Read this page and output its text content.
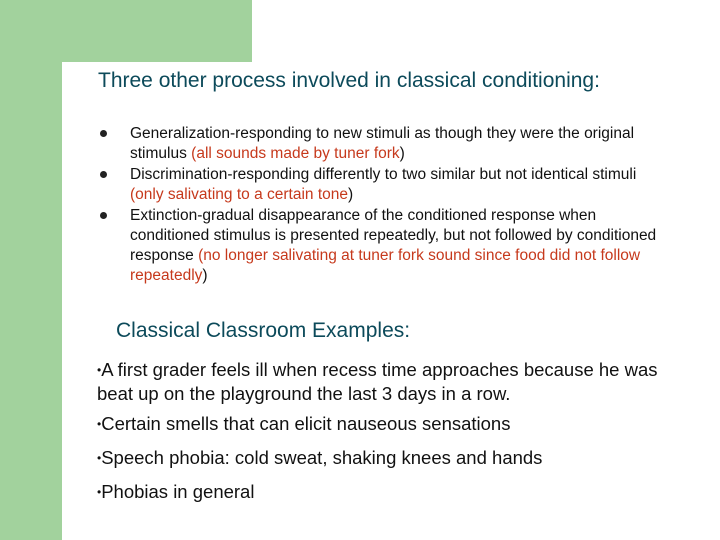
Three other process involved in classical conditioning:
Generalization-responding to new stimuli as though they were the original stimulus (all sounds made by tuner fork)
Discrimination-responding differently to two similar but not identical stimuli (only salivating to a certain tone)
Extinction-gradual disappearance of the conditioned response when conditioned stimulus is presented repeatedly, but not followed by conditioned response (no longer salivating at tuner fork sound since food did not follow repeatedly)
Classical Classroom Examples:

•A first grader feels ill when recess time approaches because he was beat up on the playground the last 3 days in a row.

•Certain smells that can elicit nauseous sensations

•Speech phobia: cold sweat, shaking knees and hands

•Phobias in general
